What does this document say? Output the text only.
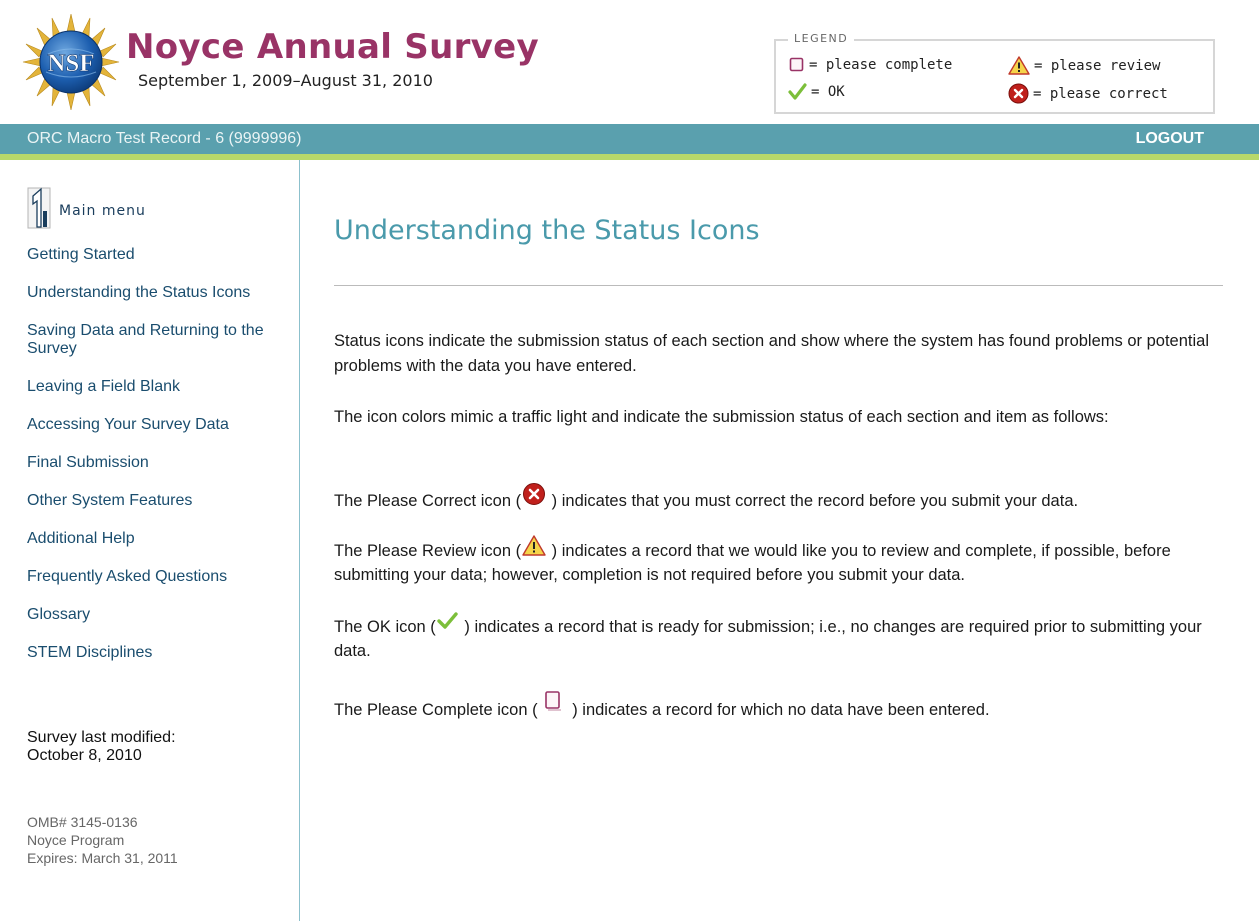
NSF Noyce Annual Survey
September 1, 2009–August 31, 2010
LEGEND
= please complete	= please review
= OK	= please correct
ORC Macro Test Record - 6 (9999996)	LOGOUT
Main menu
Getting Started
Understanding the Status Icons
Saving Data and Returning to the Survey
Leaving a Field Blank
Accessing Your Survey Data
Final Submission
Other System Features
Additional Help
Frequently Asked Questions
Glossary
STEM Disciplines
Survey last modified:
October 8, 2010
OMB# 3145-0136
Noyce Program
Expires: March 31, 2011
Understanding the Status Icons

Status icons indicate the submission status of each section and show where the system has found problems or potential problems with the data you have entered.

The icon colors mimic a traffic light and indicate the submission status of each section and item as follows:

The Please Correct icon ( ) indicates that you must correct the record before you submit your data.

The Please Review icon ( ) indicates a record that we would like you to review and complete, if possible, before submitting your data; however, completion is not required before you submit your data.

The OK icon ( ) indicates a record that is ready for submission; i.e., no changes are required prior to submitting your data.

The Please Complete icon ( ) indicates a record for which no data have been entered.
